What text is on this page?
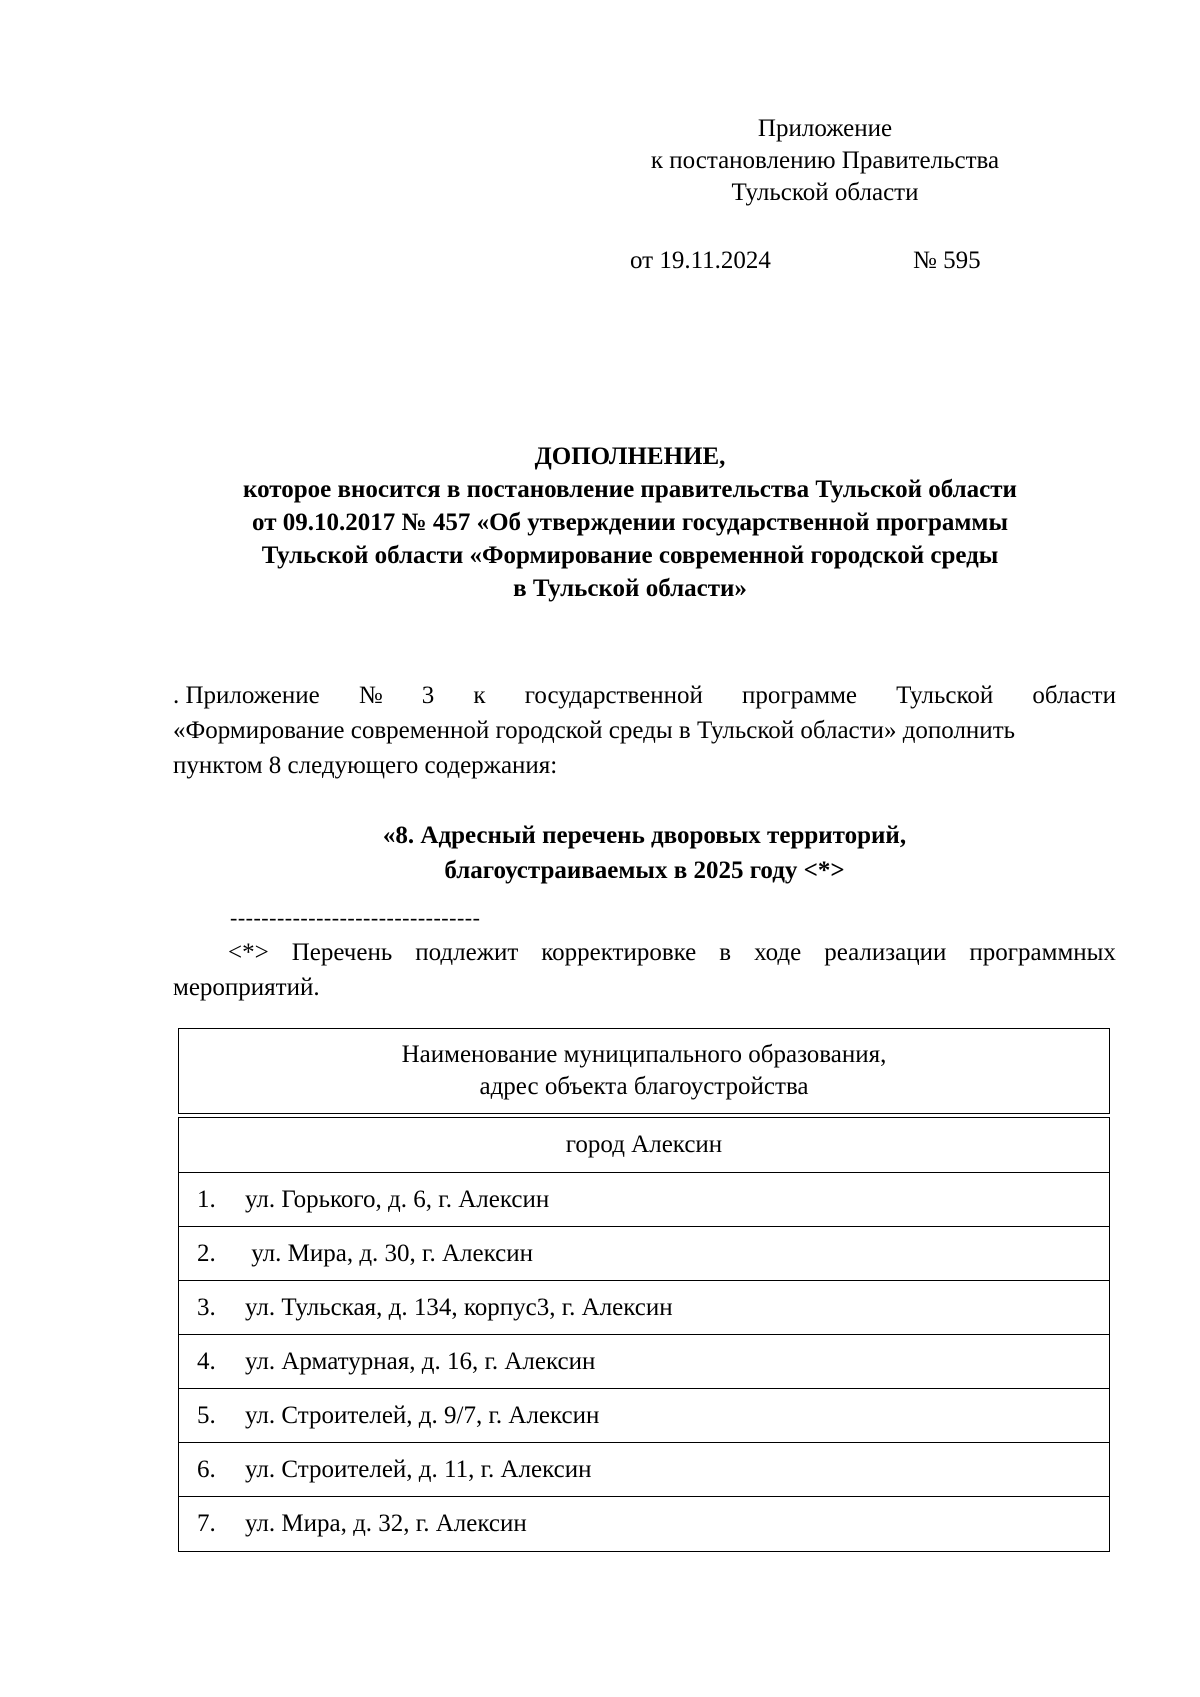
Приложение
к постановлению Правительства
Тульской области
от 19.11.2024	№ 595
ДОПОЛНЕНИЕ,
которое вносится в постановление правительства Тульской области
от 09.10.2017 № 457 «Об утверждении государственной программы
Тульской области «Формирование современной городской среды
в Тульской области»
. Приложение № 3 к государственной программе Тульской области
«Формирование современной городской среды в Тульской области» дополнить
пунктом 8 следующего содержания:
«8. Адресный перечень дворовых территорий,
благоустраиваемых в 2025 году <*>
--------------------------------
<*> Перечень подлежит корректировке в ходе реализации программных
мероприятий.
Наименование муниципального образования,
адрес объекта благоустройства
город Алексин
1.	ул. Горького, д. 6, г. Алексин
2.	ул. Мира, д. 30, г. Алексин
3.	ул. Тульская, д. 134, корпус3, г. Алексин
4.	ул. Арматурная, д. 16, г. Алексин
5.	ул. Строителей, д. 9/7, г. Алексин
6.	ул. Строителей, д. 11, г. Алексин
7.	ул. Мира, д. 32, г. Алексин
